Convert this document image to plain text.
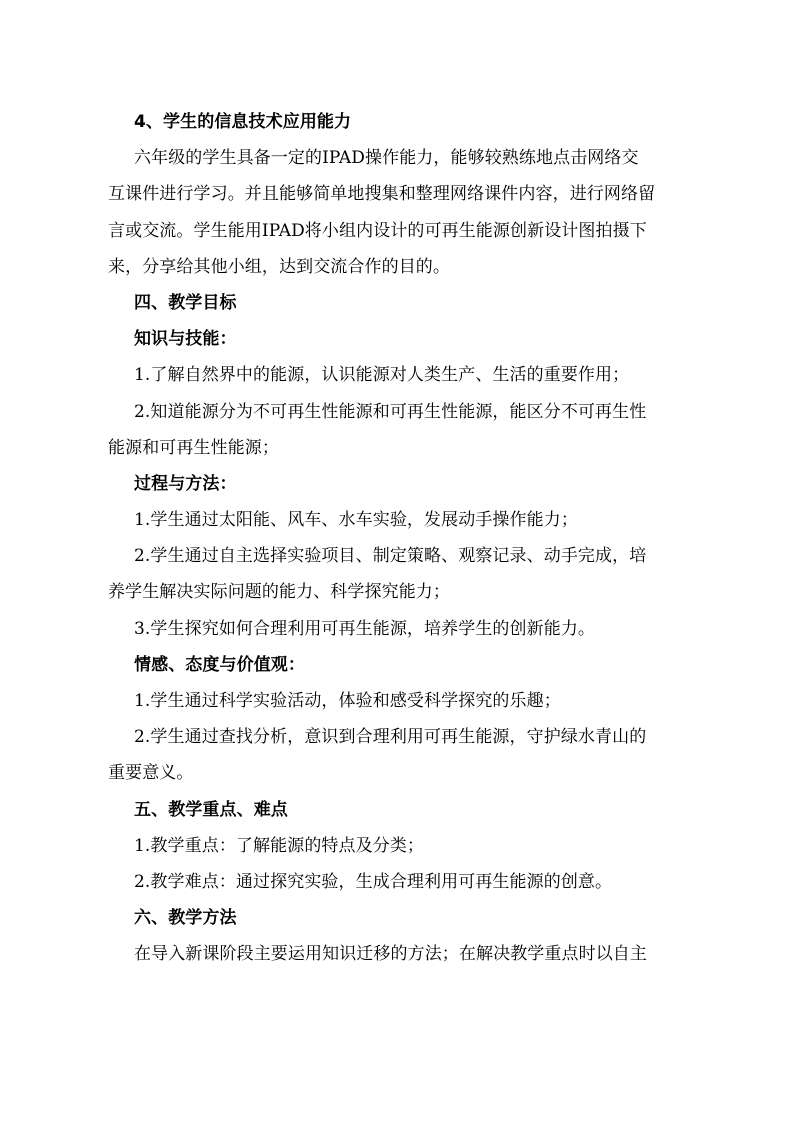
4、学生的信息技术应用能力
六年级的学生具备一定的IPAD操作能力，能够较熟练地点击网络交
互课件进行学习。并且能够简单地搜集和整理网络课件内容，进行网络留
言或交流。学生能用IPAD将小组内设计的可再生能源创新设计图拍摄下
来，分享给其他小组，达到交流合作的目的。
四、教学目标
知识与技能：
1.了解自然界中的能源，认识能源对人类生产、生活的重要作用；
2.知道能源分为不可再生性能源和可再生性能源，能区分不可再生性
能源和可再生性能源；
过程与方法：
1.学生通过太阳能、风车、水车实验，发展动手操作能力；
2.学生通过自主选择实验项目、制定策略、观察记录、动手完成，培
养学生解决实际问题的能力、科学探究能力；
3.学生探究如何合理利用可再生能源，培养学生的创新能力。
情感、态度与价值观：
1.学生通过科学实验活动，体验和感受科学探究的乐趣；
2.学生通过查找分析，意识到合理利用可再生能源，守护绿水青山的
重要意义。
五、教学重点、难点
1.教学重点：了解能源的特点及分类；
2.教学难点：通过探究实验，生成合理利用可再生能源的创意。
六、教学方法
在导入新课阶段主要运用知识迁移的方法；在解决教学重点时以自主
